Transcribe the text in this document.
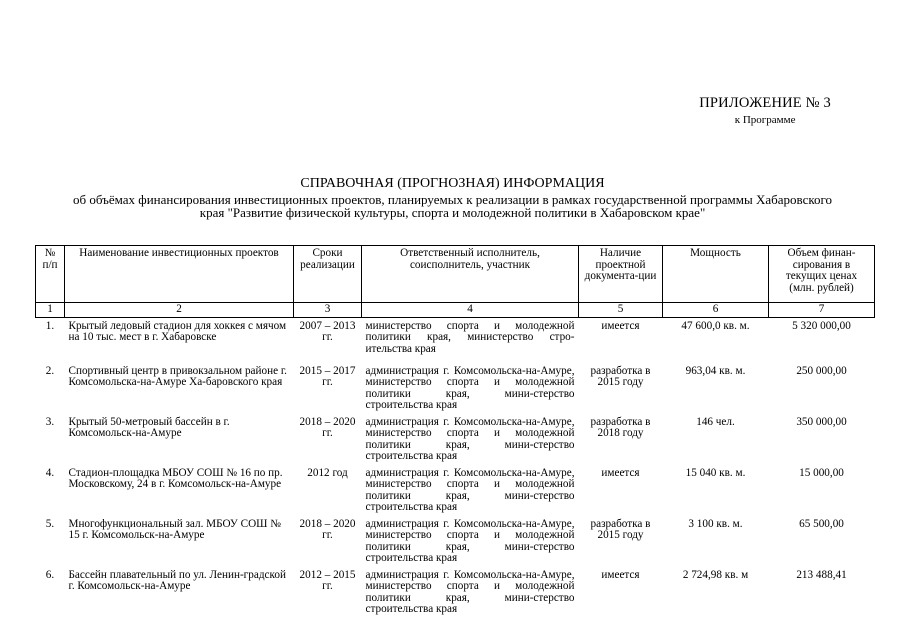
ПРИЛОЖЕНИЕ № 3
к Программе
СПРАВОЧНАЯ (ПРОГНОЗНАЯ) ИНФОРМАЦИЯ
об объёмах финансирования инвестиционных проектов, планируемых к реализации в рамках государственной программы Хабаровского края "Развитие физической культуры, спорта и молодежной политики в Хабаровском крае"
№ п/п	Наименование инвестиционных проектов	Сроки реализации	Ответственный исполнитель, соисполнитель, участник	Наличие проектной документа-ции	Мощность	Объем финан-сирования в текущих ценах (млн. рублей)
1	2	3	4	5	6	7
1.	Крытый ледовый стадион для хоккея с мячом на 10 тыс. мест в г. Хабаровске	2007 – 2013 гг.	министерство спорта и молодежной политики края, министерство стро-ительства края	имеется	47 600,0 кв. м.	5 320 000,00
2.	Спортивный центр в привокзальном районе г. Комсомольска-на-Амуре Ха-баровского края	2015 – 2017 гг.	администрация г. Комсомольска-на-Амуре, министерство спорта и молодежной политики края, мини-стерство строительства края	разработка в 2015 году	963,04 кв. м.	250 000,00
3.	Крытый 50-метровый бассейн в г. Комсомольск-на-Амуре	2018 – 2020 гг.	администрация г. Комсомольска-на-Амуре, министерство спорта и молодежной политики края, мини-стерство строительства края	разработка в 2018 году	146 чел.	350 000,00
4.	Стадион-площадка МБОУ СОШ № 16 по пр. Московскому, 24 в г. Комсомольск-на-Амуре	2012 год	администрация г. Комсомольска-на-Амуре, министерство спорта и молодежной политики края, мини-стерство строительства края	имеется	15 040 кв. м.	15 000,00
5.	Многофункциональный зал. МБОУ СОШ № 15 г. Комсомольск-на-Амуре	2018 – 2020 гг.	администрация г. Комсомольска-на-Амуре, министерство спорта и молодежной политики края, мини-стерство строительства края	разработка в 2015 году	3 100 кв. м.	65 500,00
6.	Бассейн плавательный по ул. Ленин-градской г. Комсомольск-на-Амуре	2012 – 2015 гг.	администрация г. Комсомольска-на-Амуре, министерство спорта и молодежной политики края, мини-стерство строительства края	имеется	2 724,98 кв. м	213 488,41
